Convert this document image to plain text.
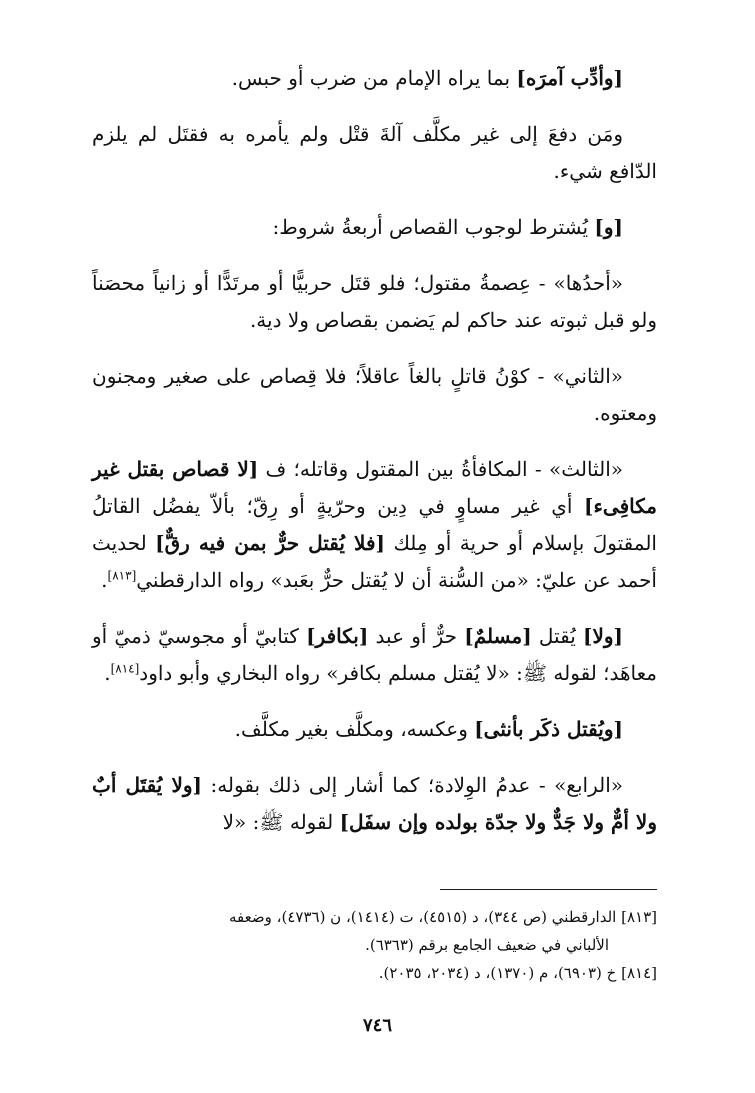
[وأدِّب آمرَه] بما يراه الإمام من ضرب أو حبس.

ومَن دفعَ إلى غير مكلَّف آلةَ قتْل ولم يأمره به فقتَل لم يلزم الدّافع شيء.

[و] يُشترط لوجوب القصاص أربعةُ شروط:

«أحدُها» - عِصمةُ مقتول؛ فلو قتَل حربيًّا أو مرتَدًّا أو زانياً محصَناً ولو قبل ثبوته عند حاكم لم يَضمن بقصاص ولا دية.

«الثاني» - كوْنُ قاتلٍ بالغاً عاقلاً؛ فلا قِصاص على صغير ومجنون ومعتوه.

«الثالث» - المكافأةُ بين المقتول وقاتله؛ ف [لا قصاص بقتل غير مكافِىء] أي غير مساوٍ في دِين وحرّيةٍ أو رِقّ؛ بألاّ يفضُل القاتلُ المقتولَ بإسلام أو حرية أو مِلك [فلا يُقتل حرٌّ بمن فيه رقٌّ] لحديث أحمد عن عليّ: «من السُّنة أن لا يُقتل حرٌّ بعَبد» رواه الدارقطني[٨١٣].

[ولا] يُقتل [مسلمٌ] حرٌّ أو عبد [بكافر] كتابيّ أو مجوسيّ ذميّ أو معاهَد؛ لقوله ﷺ: «لا يُقتل مسلم بكافر» رواه البخاري وأبو داود[٨١٤].

[ويُقتل ذكَر بأنثى] وعكسه، ومكلَّف بغير مكلَّف.

«الرابع» - عدمُ الوِلادة؛ كما أشار إلى ذلك بقوله: [ولا يُقتَل أبٌ ولا أمٌّ ولا جَدٌّ ولا جدّة بولده وإن سفَل] لقوله ﷺ: «لا

[٨١٣] الدارقطني (ص ٣٤٤)، د (٤٥١٥)، ت (١٤١٤)، ن (٤٧٣٦)، وضعفه

الألباني في ضعيف الجامع برقم (٦٣٦٣).

[٨١٤] خ (٦٩٠٣)، م (١٣٧٠)، د (٢٠٣٤، ٢٠٣٥).

٧٤٦
